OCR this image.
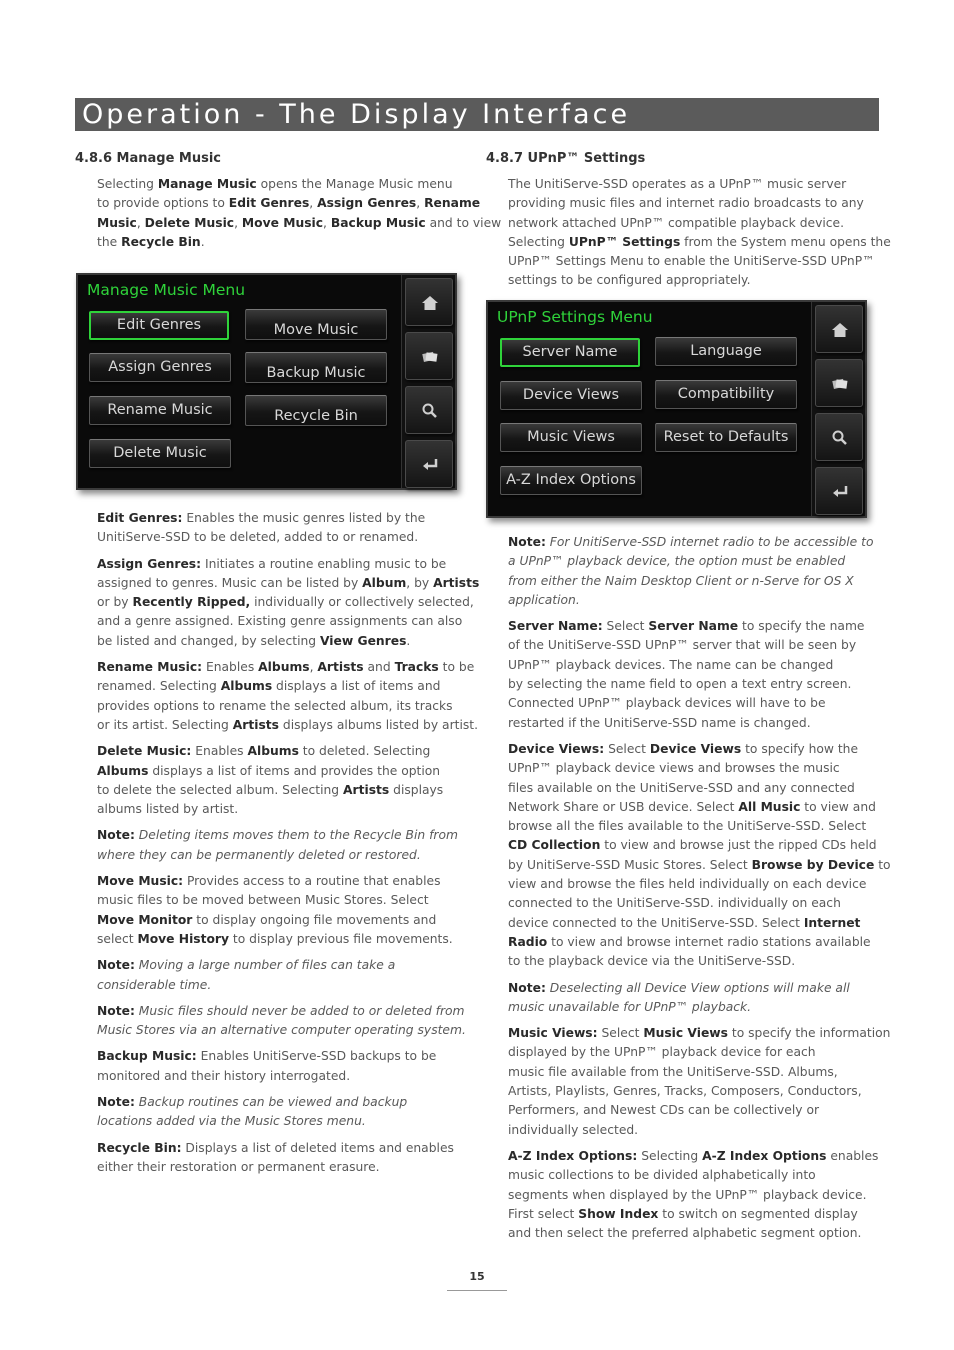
Operation - The Display Interface
4.8.6 Manage Music	4.8.7 UPnP™ Settings

Selecting Manage Music opens the Manage Music menu
to provide options to Edit Genres, Assign Genres, Rename
Music, Delete Music, Move Music, Backup Music and to view
the Recycle Bin.

The UnitiServe-SSD operates as a UPnP™ music server
providing music files and internet radio broadcasts to any
network attached UPnP™ compatible playback device.
Selecting UPnP™ Settings from the System menu opens the
UPnP™ Settings Menu to enable the UnitiServe-SSD UPnP™
settings to be configured appropriately.

Manage Music Menu
Edit Genres
Assign Genres
Rename Music
Delete Music
Move Music
Backup Music
Recycle Bin
UPnP Settings Menu
Server Name
Device Views
Music Views
A-Z Index Options
Language
Compatibility
Reset to Defaults

Edit Genres: Enables the music genres listed by the
UnitiServe-SSD to be deleted, added to or renamed.

Assign Genres: Initiates a routine enabling music to be
assigned to genres. Music can be listed by Album, by Artists
or by Recently Ripped, individually or collectively selected,
and a genre assigned. Existing genre assignments can also
be listed and changed, by selecting View Genres.

Rename Music: Enables Albums, Artists and Tracks to be
renamed. Selecting Albums displays a list of items and
provides options to rename the selected album, its tracks
or its artist. Selecting Artists displays albums listed by artist.

Delete Music: Enables Albums to deleted. Selecting
Albums displays a list of items and provides the option
to delete the selected album. Selecting Artists displays
albums listed by artist.

Note: Deleting items moves them to the Recycle Bin from
where they can be permanently deleted or restored.

Move Music: Provides access to a routine that enables
music files to be moved between Music Stores. Select
Move Monitor to display ongoing file movements and
select Move History to display previous file movements.

Note: Moving a large number of files can take a
considerable time.

Note: Music files should never be added to or deleted from
Music Stores via an alternative computer operating system.

Backup Music: Enables UnitiServe-SSD backups to be
monitored and their history interrogated.

Note: Backup routines can be viewed and backup
locations added via the Music Stores menu.

Recycle Bin: Displays a list of deleted items and enables
either their restoration or permanent erasure.

Note: For UnitiServe-SSD internet radio to be accessible to
a UPnP™ playback device, the option must be enabled
from either the Naim Desktop Client or n-Serve for OS X
application.

Server Name: Select Server Name to specify the name
of the UnitiServe-SSD UPnP™ server that will be seen by
UPnP™ playback devices. The name can be changed
by selecting the name field to open a text entry screen.
Connected UPnP™ playback devices will have to be
restarted if the UnitiServe-SSD name is changed.

Device Views: Select Device Views to specify how the
UPnP™ playback device views and browses the music
files available on the UnitiServe-SSD and any connected
Network Share or USB device. Select All Music to view and
browse all the files available to the UnitiServe-SSD. Select
CD Collection to view and browse just the ripped CDs held
by UnitiServe-SSD Music Stores. Select Browse by Device to
view and browse the files held individually on each device
connected to the UnitiServe-SSD. individually on each
device connected to the UnitiServe-SSD. Select Internet
Radio to view and browse internet radio stations available
to the playback device via the UnitiServe-SSD.

Note: Deselecting all Device View options will make all
music unavailable for UPnP™ playback.

Music Views: Select Music Views to specify the information
displayed by the UPnP™ playback device for each
music file available from the UnitiServe-SSD. Albums,
Artists, Playlists, Genres, Tracks, Composers, Conductors,
Performers, and Newest CDs can be collectively or
individually selected.

A-Z Index Options: Selecting A-Z Index Options enables
music collections to be divided alphabetically into
segments when displayed by the UPnP™ playback device.
First select Show Index to switch on segmented display
and then select the preferred alphabetic segment option.

15
